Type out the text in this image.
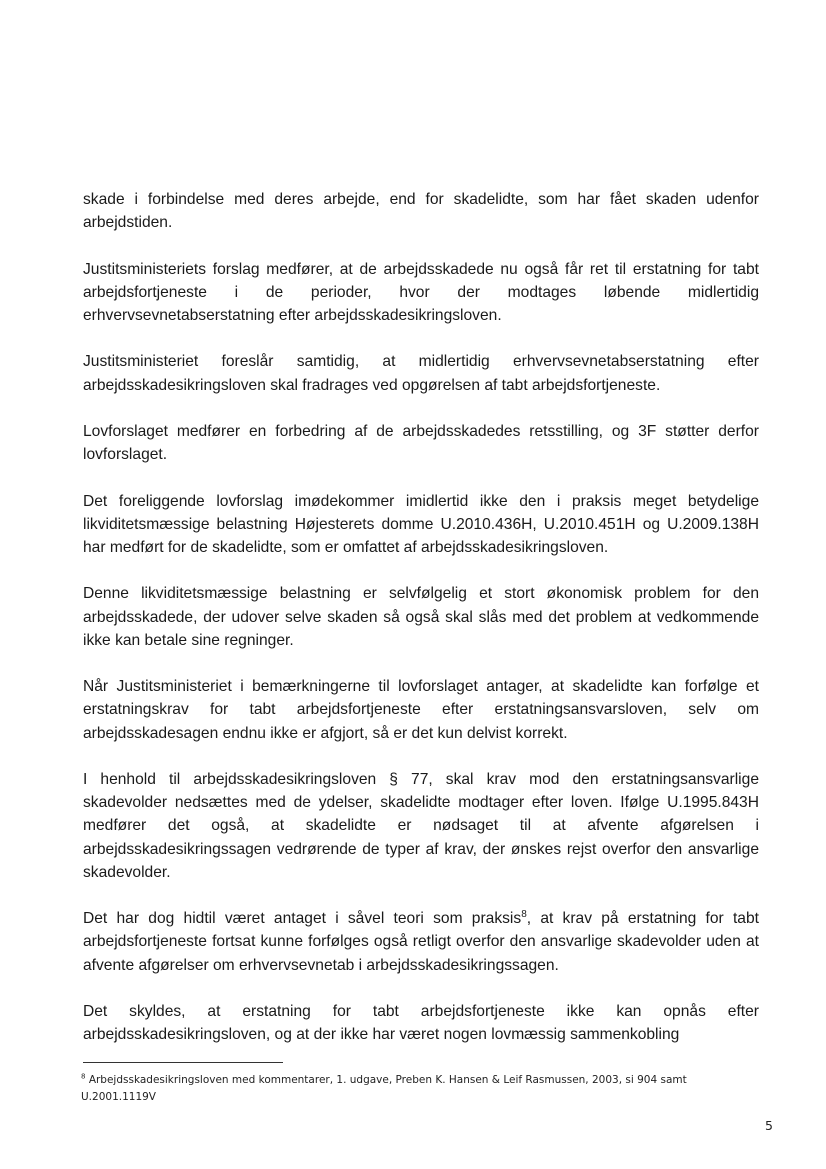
skade i forbindelse med deres arbejde, end for skadelidte, som har fået skaden udenfor arbejdstiden.

Justitsministeriets forslag medfører, at de arbejdsskadede nu også får ret til erstatning for tabt arbejdsfortjeneste i de perioder, hvor der modtages løbende midlertidig erhvervsevnetabserstatning efter arbejdsskadesikringsloven.

Justitsministeriet foreslår samtidig, at midlertidig erhvervsevnetabserstatning efter arbejdsskadesikringsloven skal fradrages ved opgørelsen af tabt arbejdsfortjeneste.

Lovforslaget medfører en forbedring af de arbejdsskadedes retsstilling, og 3F støtter derfor lovforslaget.

Det foreliggende lovforslag imødekommer imidlertid ikke den i praksis meget betydelige likviditetsmæssige belastning Højesterets domme U.2010.436H, U.2010.451H og U.2009.138H har medført for de skadelidte, som er omfattet af arbejdsskadesikringsloven.

Denne likviditetsmæssige belastning er selvfølgelig et stort økonomisk problem for den arbejdsskadede, der udover selve skaden så også skal slås med det problem at vedkommende ikke kan betale sine regninger.

Når Justitsministeriet i bemærkningerne til lovforslaget antager, at skadelidte kan forfølge et erstatningskrav for tabt arbejdsfortjeneste efter erstatningsansvarsloven, selv om arbejdsskadesagen endnu ikke er afgjort, så er det kun delvist korrekt.

I henhold til arbejdsskadesikringsloven § 77, skal krav mod den erstatningsansvarlige skadevolder nedsættes med de ydelser, skadelidte modtager efter loven. Ifølge U.1995.843H medfører det også, at skadelidte er nødsaget til at afvente afgørelsen i arbejdsskadesikringssagen vedrørende de typer af krav, der ønskes rejst overfor den ansvarlige skadevolder.

Det har dog hidtil været antaget i såvel teori som praksis$^8$, at krav på erstatning for tabt arbejdsfortjeneste fortsat kunne forfølges også retligt overfor den ansvarlige skadevolder uden at afvente afgørelser om erhvervsevnetab i arbejdsskadesikringssagen.

Det skyldes, at erstatning for tabt arbejdsfortjeneste ikke kan opnås efter arbejdsskadesikringsloven, og at der ikke har været nogen lovmæssig sammenkobling

$^8$ Arbejdsskadesikringsloven med kommentarer, 1. udgave, Preben K. Hansen & Leif Rasmussen, 2003, si 904 samt U.2001.1119V
5
